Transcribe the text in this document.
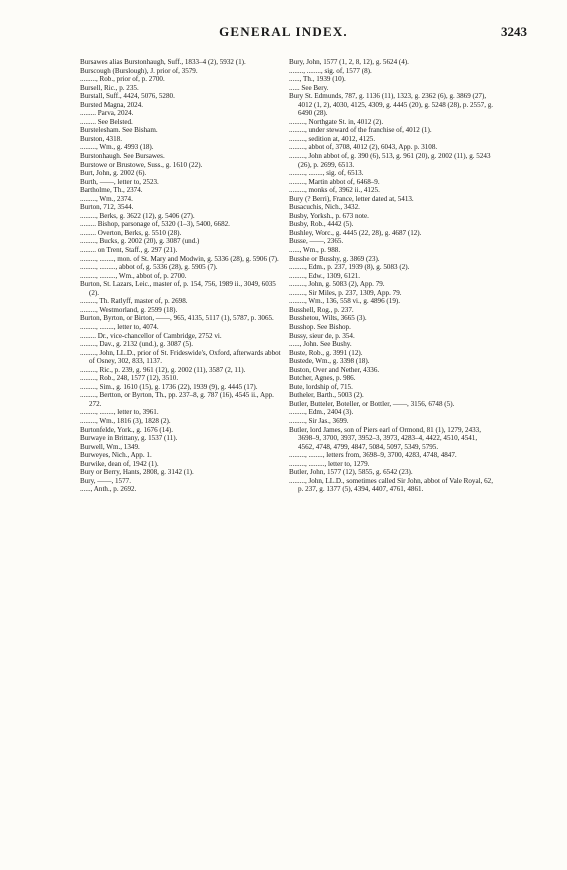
GENERAL INDEX.	3243

Bursawes alias Burstonhaugh, Suff., 1833–4 (2), 5932 (1).

Burscough (Burslough), J. prior of, 3579.

........., Rob., prior of, p. 2700.

Bursell, Ric., p. 235.

Burstall, Suff., 4424, 5076, 5280.

Bursted Magna, 2024.

......... Parva, 2024.

......... See Belsted.

Burstelesham. See Bisham.

Burston, 4318.

........., Wm., g. 4993 (18).

Burstonhaugh. See Bursawes.

Burstowe or Brustowe, Suss., g. 1610 (22).

Burt, John, g. 2002 (6).

Burth, ——, letter to, 2523.

Bartholme, Th., 2374.

........., Wm., 2374.

Burton, 712, 3544.

........., Berks, g. 3622 (12), g. 5406 (27).

......... Bishop, parsonage of, 5320 (1–3), 5400, 6682.

......... Overton, Berks, g. 5510 (28).

........., Bucks, g. 2002 (20), g. 3087 (und.)

......... on Trent, Staff., g. 297 (21).

........., ........, mon. of St. Mary and Modwin, g. 5336 (28), g. 5906 (7).

........., ........., abbot of, g. 5336 (28), g. 5905 (7).

........., ........., Wm., abbot of, p. 2700.

Burton, St. Lazars, Leic., master of, p. 154, 756, 1989 ii., 3049, 6035 (2).

........., Th. Ratlyff, master of, p. 2698.

........., Westmorland, g. 2599 (18).

Burton, Byrton, or Birton, ——, 965, 4135, 5117 (1), 5787, p. 3065.

........., ........, letter to, 4074.

......... Dr., vice-chancellor of Cambridge, 2752 vi.

........., Dav., g. 2132 (und.), g. 3087 (5).

........., John, LL.D., prior of St. Frideswide's, Oxford, afterwards abbot of Osney, 302, 833, 1137.

........., Ric., p. 239, g. 961 (12), g. 2002 (11), 3587 (2, 11).

........., Rob., 248, 1577 (12), 3510.

........., Sim., g. 1610 (15), g. 1736 (22), 1939 (9), g. 4445 (17).

........., Bertton, or Byrton, Th., pp. 237–8, g. 787 (16), 4545 ii., App. 272.

........., ........, letter to, 3961.

........., Wm., 1816 (3), 1828 (2).

Burtonfelde, York., g. 1676 (14).

Burwaye in Brittany, g. 1537 (11).

Burwell, Wm., 1349.

Burweyes, Nich., App. 1.

Burwike, dean of, 1942 (1).

Bury or Berry, Hants, 2808, g. 3142 (1).

Bury, ——, 1577.

......, Anth., p. 2692.

Bury, John, 1577 (1, 2, 8, 12), g. 5624 (4).

........, ........, sig. of, 1577 (8).

......, Th., 1939 (10).

...... See Bery.

Bury St. Edmunds, 787, g. 1136 (11), 1323, g. 2362 (6), g. 3869 (27), 4012 (1, 2), 4030, 4125, 4309, g. 4445 (20), g. 5248 (28), p. 2557, g. 6490 (28).

........., Northgate St. in, 4012 (2).

........., under steward of the franchise of, 4012 (1).

........., sedition at, 4012, 4125.

........., abbot of, 3708, 4012 (2), 6043, App. p. 3108.

........., John abbot of, g. 390 (6), 513, g. 961 (20), g. 2002 (11), g. 5243 (26), p. 2699, 6513.

........., ........, sig. of, 6513.

........., Martin abbot of, 6468–9.

........., monks of, 3962 ii., 4125.

Bury (? Berri), France, letter dated at, 5413.

Busacuchis, Nich., 3432.

Busby, Yorksh., p. 673 note.

Busby, Rob., 4442 (5).

Bushley, Worc., g. 4445 (22, 28), g. 4687 (12).

Busse, ——, 2365.

......, Wm., p. 988.

Busshe or Busshy, g. 3869 (23).

........., Edm., p. 237, 1939 (8), g. 5083 (2).

........., Edw., 1309, 6121.

........., John, g. 5083 (2), App. 79.

........., Sir Miles, p. 237, 1309, App. 79.

........., Wm., 136, 558 vi., g. 4896 (19).

Busshell, Rog., p. 237.

Busshetou, Wilts, 3665 (3).

Busshop. See Bishop.

Bussy, sieur de, p. 354.

......, John. See Bushy.

Buste, Rob., g. 3991 (12).

Bustede, Wm., g. 3398 (18).

Buston, Over and Nether, 4336.

Butcher, Agnes, p. 986.

Bute, lordship of, 715.

Butheler, Barth., 5003 (2).

Butler, Butteler, Boteller, or Bottler, ——, 3156, 6748 (5).

........., Edm., 2404 (3).

........., Sir Jas., 3699.

Butler, lord James, son of Piers earl of Ormond, 81 (1), 1279, 2433, 3698–9, 3700, 3937, 3952–3, 3973, 4283–4, 4422, 4510, 4541, 4562, 4748, 4799, 4847, 5084, 5097, 5349, 5795.

........., ........, letters from, 3698–9, 3700, 4283, 4748, 4847.

........., ........., letter to, 1279.

Butler, John, 1577 (12), 5855, g. 6542 (23).

........., John, LL.D., sometimes called Sir John, abbot of Vale Royal, 62, p. 237, g. 1377 (5), 4394, 4407, 4761, 4861.
